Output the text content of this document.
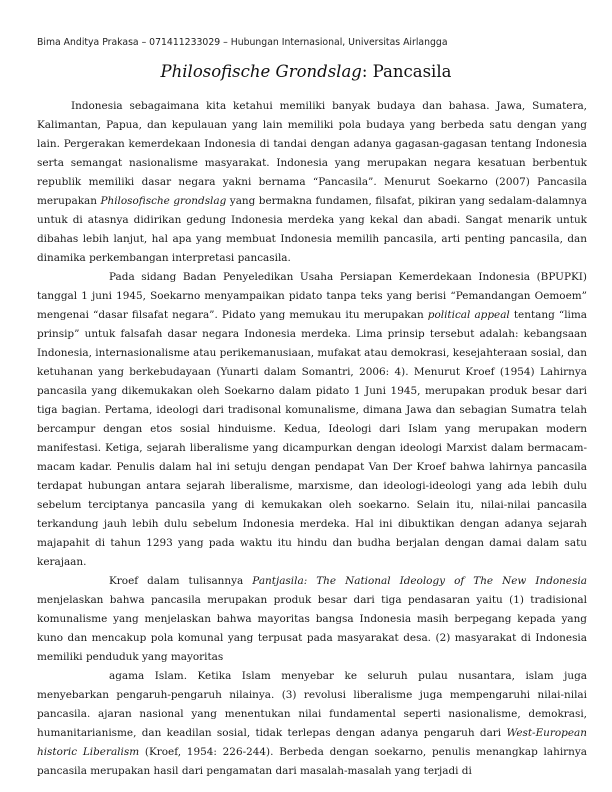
Bima Anditya Prakasa – 071411233029 – Hubungan Internasional, Universitas Airlangga
Philosofische Grondslag: Pancasila

Indonesia sebagaimana kita ketahui memiliki banyak budaya dan bahasa. Jawa, Sumatera, Kalimantan, Papua, dan kepulauan yang lain memiliki pola budaya yang berbeda satu dengan yang lain. Pergerakan kemerdekaan Indonesia di tandai dengan adanya gagasan-gagasan tentang Indonesia serta semangat nasionalisme masyarakat. Indonesia yang merupakan negara kesatuan berbentuk republik memiliki dasar negara yakni bernama “Pancasila”. Menurut Soekarno (2007) Pancasila merupakan Philosofische grondslag yang bermakna fundamen, filsafat, pikiran yang sedalam-dalamnya untuk di atasnya didirikan gedung Indonesia merdeka yang kekal dan abadi. Sangat menarik untuk dibahas lebih lanjut, hal apa yang membuat Indonesia memilih pancasila, arti penting pancasila, dan dinamika perkembangan interpretasi pancasila.

Pada sidang Badan Penyeledikan Usaha Persiapan Kemerdekaan Indonesia (BPUPKI) tanggal 1 juni 1945, Soekarno menyampaikan pidato tanpa teks yang berisi “Pemandangan Oemoem” mengenai “dasar filsafat negara”. Pidato yang memukau itu merupakan political appeal tentang “lima prinsip” untuk falsafah dasar negara Indonesia merdeka. Lima prinsip tersebut adalah: kebangsaan Indonesia, internasionalisme atau perikemanusiaan, mufakat atau demokrasi, kesejahteraan sosial, dan ketuhanan yang berkebudayaan (Yunarti dalam Somantri, 2006: 4). Menurut Kroef (1954) Lahirnya pancasila yang dikemukakan oleh Soekarno dalam pidato 1 Juni 1945, merupakan produk besar dari tiga bagian. Pertama, ideologi dari tradisonal komunalisme, dimana Jawa dan sebagian Sumatra telah bercampur dengan etos sosial hinduisme. Kedua, Ideologi dari Islam yang merupakan modern manifestasi. Ketiga, sejarah liberalisme yang dicampurkan dengan ideologi Marxist dalam bermacam-macam kadar. Penulis dalam hal ini setuju dengan pendapat Van Der Kroef bahwa lahirnya pancasila terdapat hubungan antara sejarah liberalisme, marxisme, dan ideologi-ideologi yang ada lebih dulu sebelum terciptanya pancasila yang di kemukakan oleh soekarno. Selain itu, nilai-nilai pancasila terkandung jauh lebih dulu sebelum Indonesia merdeka. Hal ini dibuktikan dengan adanya sejarah majapahit di tahun 1293 yang pada waktu itu hindu dan budha berjalan dengan damai dalam satu kerajaan.

Kroef dalam tulisannya Pantjasila: The National Ideology of The New Indonesia menjelaskan bahwa pancasila merupakan produk besar dari tiga pendasaran yaitu (1) tradisional komunalisme yang menjelaskan bahwa mayoritas bangsa Indonesia masih berpegang kepada yang kuno dan mencakup pola komunal yang terpusat pada masyarakat desa. (2) masyarakat di Indonesia memiliki penduduk yang mayoritas

agama Islam. Ketika Islam menyebar ke seluruh pulau nusantara, islam juga menyebarkan pengaruh-pengaruh nilainya. (3) revolusi liberalisme juga mempengaruhi nilai-nilai pancasila. ajaran nasional yang menentukan nilai fundamental seperti nasionalisme, demokrasi, humanitarianisme, dan keadilan sosial, tidak terlepas dengan adanya pengaruh dari West-European historic Liberalism (Kroef, 1954: 226-244). Berbeda dengan soekarno, penulis menangkap lahirnya pancasila merupakan hasil dari pengamatan dari masalah-masalah yang terjadi di
